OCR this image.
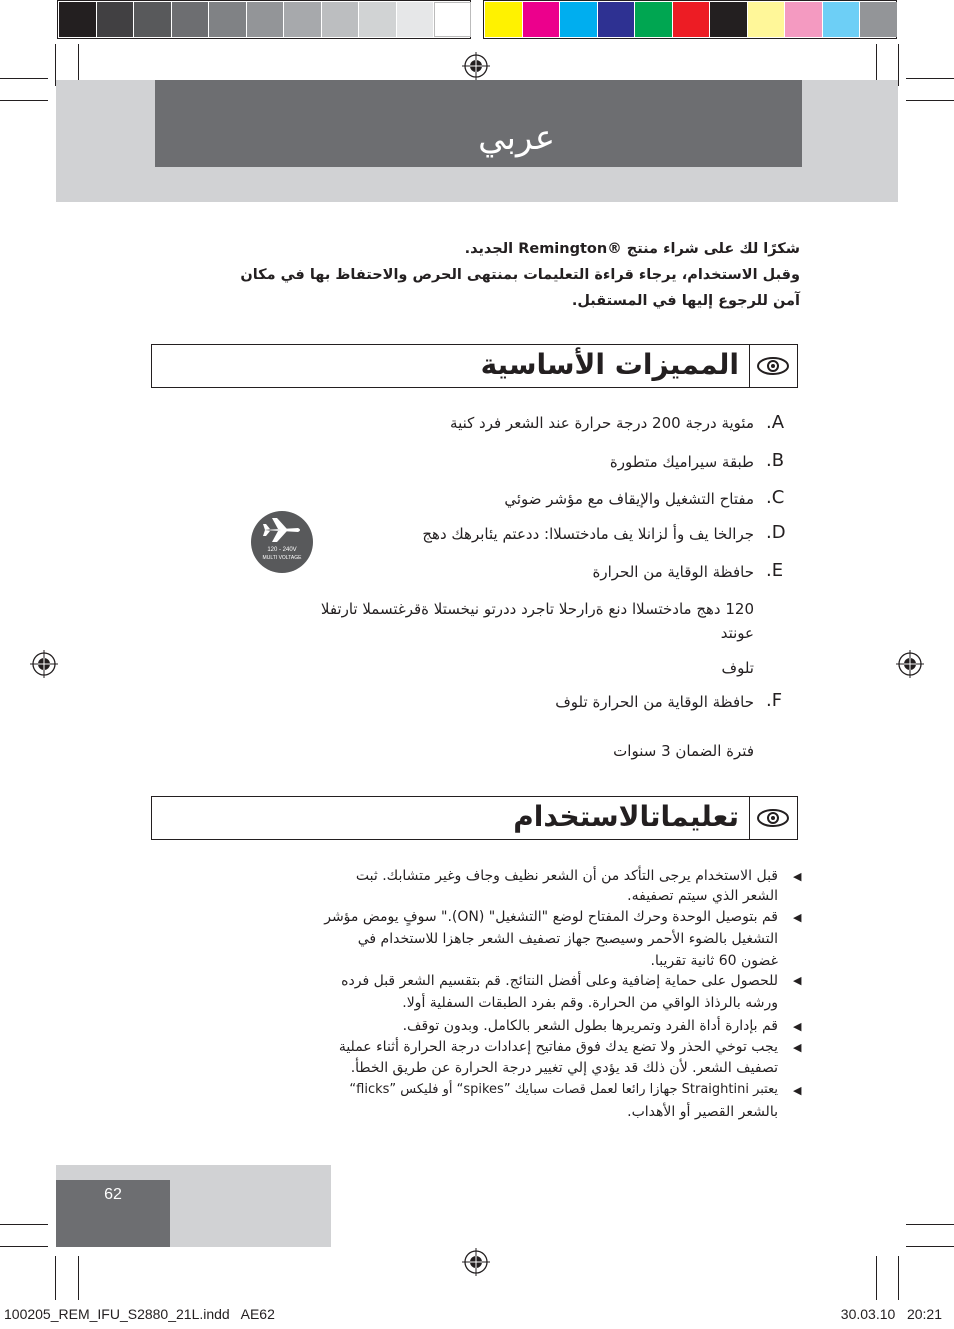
عربي
شكرًا لك على شراء منتج ®Remington الجديد.
وقبل الاستخدام، يرجاء قراءة التعليمات بمنتهى الحرص والاحتفاظ بها في مكان
آمن للرجوع إليها في المستقبل.
المميزات الأساسية
مئوية درجة 200 درجة حرارة عند الشعر فرد كنية .A
طبقة سيراميك متطورة .B
مفتاح التشغيل والإيقاف مع مؤشر ضوئي .C
جرالخا يف وأ لزانلا يف مادختسلاا: ددعتم يئابرهك دهج .D
120 - 240V
MULTI VOLTAGE
حافظة الوقاية من الحرارة .E
120 دهج مادختسلاا دنع ةرارحلا تاجرد ددرتو نيخستلا ةقرغتسملا تارتفلا
عونتد
تلوف
حافظة الوقاية من الحرارة تلوف .F
فترة الضمان 3 سنوات
تعليماتالاستخدام
◀
قبل الاستخدام يرجى التأكد من أن الشعر نظيف وجاف وغير متشابك. ثبت
الشعر الذي سيتم تصفيفه.
◀
قم بتوصيل الوحدة وحرك المفتاح لوضع "التشغيل" (ON)." سوفٍ يومض مؤشر
التشغيل بالضوء الأحمر وسيصبح جهاز تصفيف الشعر جاهزا للاستخدام في
غضون 60 ثانية تقريبا.
◀
للحصول على حماية إضافية وعلى أفضل النتائج. قم بتقسيم الشعر قبل فرده
ورشه بالرذاذ الواقي من الحرارة. وقم بفرد الطبقات السفلية أولا.
◀
قم بإدارة أداة الفرد وتمريرها بطول الشعر بالكامل. وبدون توقف.
◀
يجب توخي الحذر ولا تضع يدك فوق مفاتيح إعدادات درجة الحرارة أثناء عملية
تصفيف الشعر. لأن ذلك قد يؤدي إلي تغيير درجة الحرارة عن طريق الخطأ.
◀
يعتبر Straightini جهازا رائعا لعمل قصات سبايك ”spikes“ أو فليكس ”flicks“
بالشعر القصير أو الأهداب.
62
100205_REM_IFU_S2880_21L.indd   AE62	30.03.10   20:21
